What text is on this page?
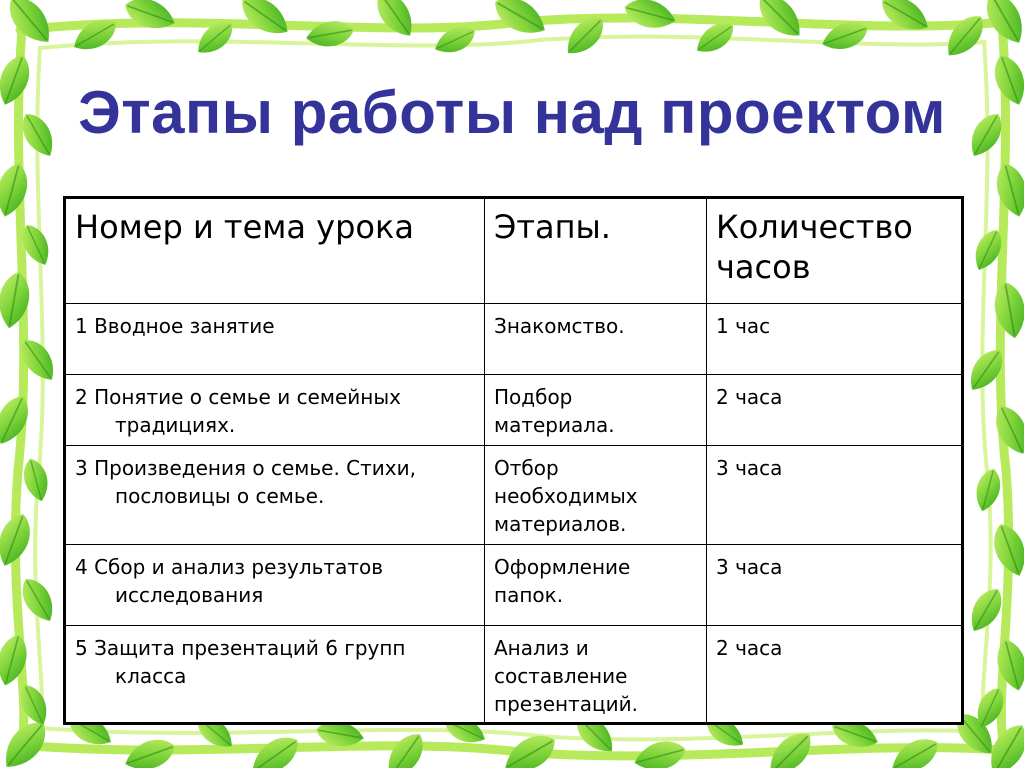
Этапы работы над проектом
Номер и тема урока	Этапы.	Количество часов

1 Вводное занятие	Знакомство.	1 час

2 Понятие о семье и семейных традициях.	Подбор материала.	2 часа

3 Произведения о семье. Стихи, пословицы о семье.	Отбор необходимых материалов.	3 часа

4 Сбор и анализ результатов исследования	Оформление папок.	3 часа

5 Защита презентаций 6 групп класса	Анализ и составление презентаций.	2 часа
